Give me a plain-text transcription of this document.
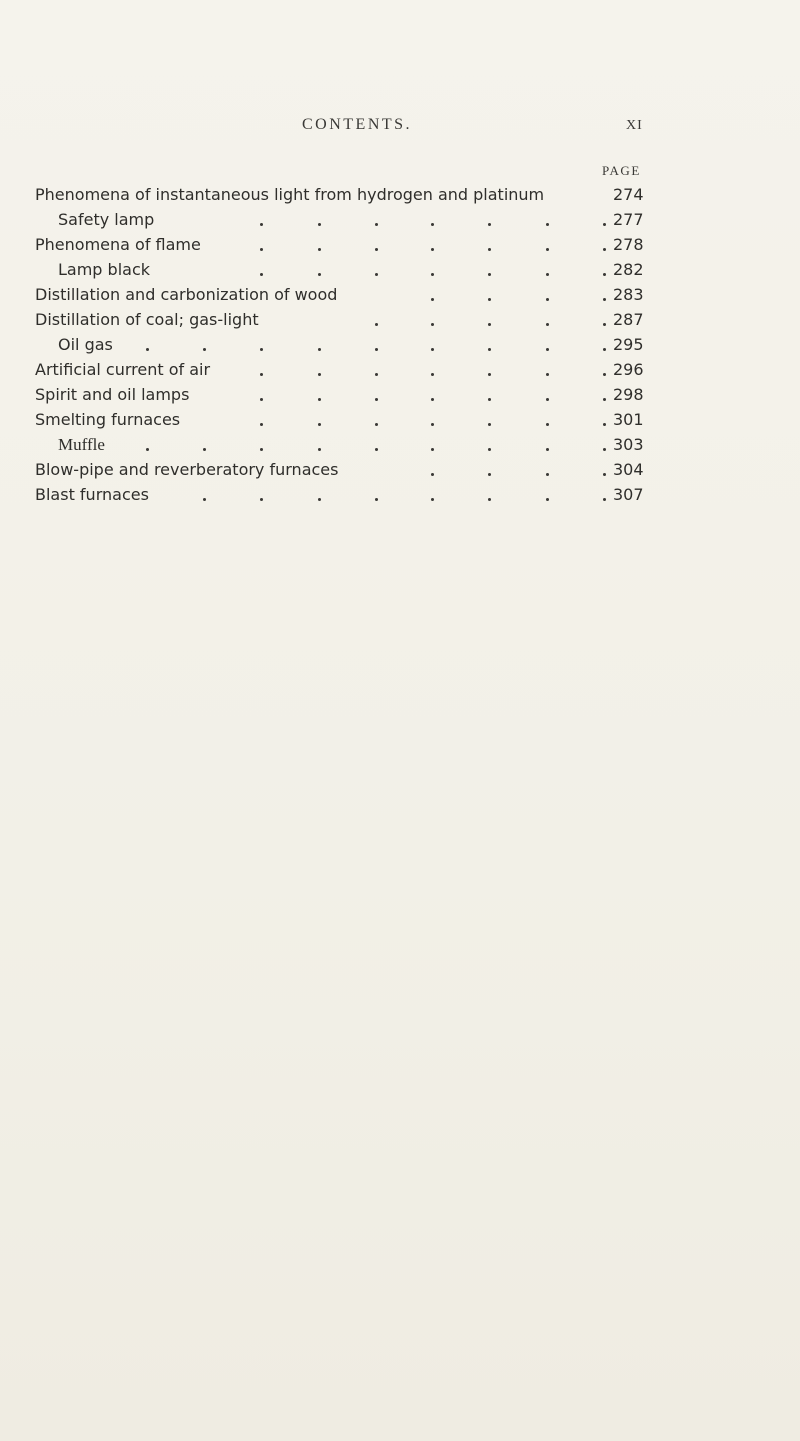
CONTENTS.	XI
PAGE
Phenomena of instantaneous light from hydrogen and platinum	274
Safety lamp	277
Phenomena of flame	278
Lamp black	282
Distillation and carbonization of wood	283
Distillation of coal; gas-light	287
Oil gas	295
Artificial current of air	296
Spirit and oil lamps	298
Smelting furnaces	301
Muffle	303
Blow-pipe and reverberatory furnaces	304
Blast furnaces	307
